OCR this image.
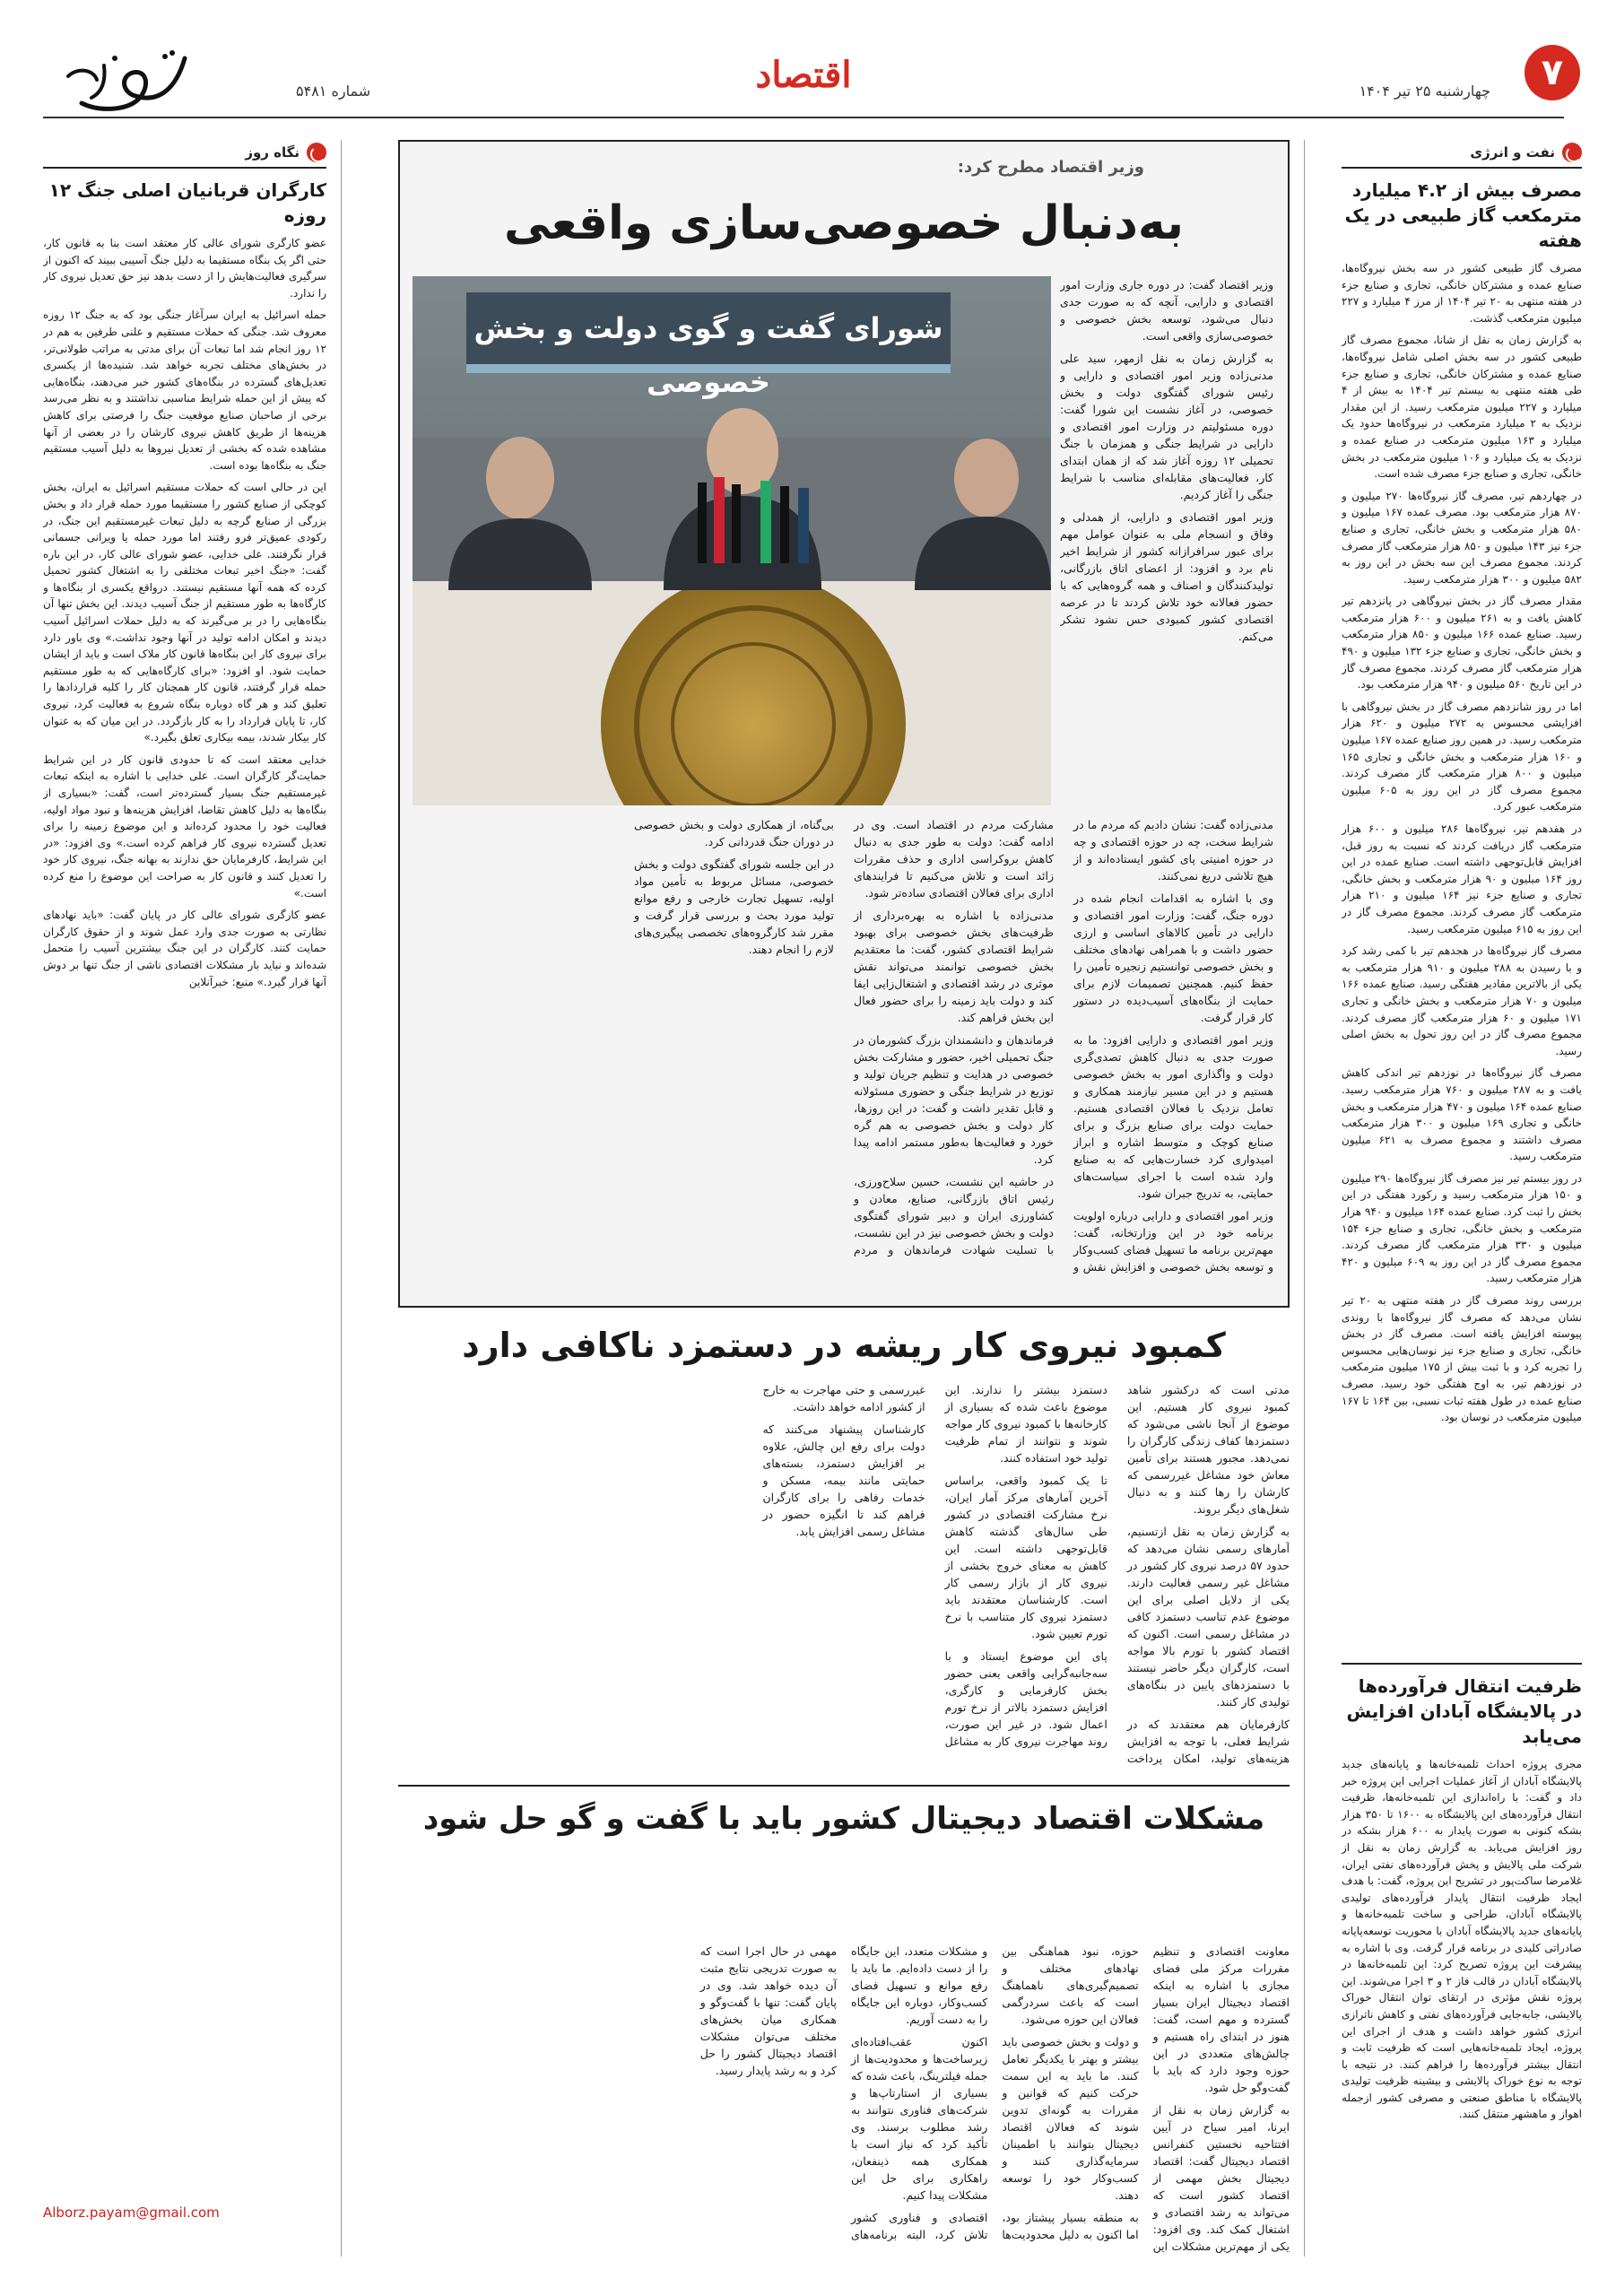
۷
چهارشنبه ۲۵ تیر ۱۴۰۴
اقتصاد
شماره ۵۴۸۱
نفت و انرژی
مصرف بیش از ۴.۲ میلیارد مترمکعب گاز طبیعی در یک هفته

مصرف گاز طبیعی کشور در سه بخش نیروگاه‌ها، صنایع عمده و مشترکان خانگی، تجاری و صنایع جزء در هفته منتهی به ۲۰ تیر ۱۴۰۴ از مرز ۴ میلیارد و ۲۲۷ میلیون مترمکعب گذشت.

به گزارش زمان به نقل از شانا، مجموع مصرف گاز طبیعی کشور در سه بخش اصلی شامل نیروگاه‌ها، صنایع عمده و مشترکان خانگی، تجاری و صنایع جزء طی هفته منتهی به بیستم تیر ۱۴۰۴ به بیش از ۴ میلیارد و ۲۲۷ میلیون مترمکعب رسید. از این مقدار نزدیک به ۲ میلیارد مترمکعب در نیروگاه‌ها حدود یک میلیارد و ۱۶۳ میلیون مترمکعب در صنایع عمده و نزدیک به یک میلیارد و ۱۰۶ میلیون مترمکعب در بخش خانگی، تجاری و صنایع جزء مصرف شده است.

در چهاردهم تیر، مصرف گاز نیروگاه‌ها ۲۷۰ میلیون و ۸۷۰ هزار مترمکعب بود. مصرف عمده ۱۶۷ میلیون و ۵۸۰ هزار مترمکعب و بخش خانگی، تجاری و صنایع جزء نیز ۱۴۳ میلیون و ۸۵۰ هزار مترمکعب گاز مصرف کردند. مجموع مصرف این سه بخش در این روز به ۵۸۲ میلیون و ۳۰۰ هزار مترمکعب رسید.

مقدار مصرف گاز در بخش نیروگاهی در پانزدهم تیر کاهش یافت و به ۲۶۱ میلیون و ۶۰۰ هزار مترمکعب رسید. صنایع عمده ۱۶۶ میلیون و ۸۵۰ هزار مترمکعب و بخش خانگی، تجاری و صنایع جزء ۱۳۲ میلیون و ۴۹۰ هزار مترمکعب گاز مصرف کردند. مجموع مصرف گاز در این تاریخ ۵۶۰ میلیون و ۹۴۰ هزار مترمکعب بود.

اما در روز شانزدهم مصرف گاز در بخش نیروگاهی با افزایشی محسوس به ۲۷۲ میلیون و ۶۲۰ هزار مترمکعب رسید. در همین روز صنایع عمده ۱۶۷ میلیون و ۱۶۰ هزار مترمکعب و بخش خانگی و تجاری ۱۶۵ میلیون و ۸۰۰ هزار مترمکعب گاز مصرف کردند. مجموع مصرف گاز در این روز به ۶۰۵ میلیون مترمکعب عبور کرد.

در هفدهم تیر، نیروگاه‌ها ۲۸۶ میلیون و ۶۰۰ هزار مترمکعب گاز دریافت کردند که نسبت به روز قبل، افزایش قابل‌توجهی داشته است. صنایع عمده در این روز ۱۶۴ میلیون و ۹۰ هزار مترمکعب و بخش خانگی، تجاری و صنایع جزء نیز ۱۶۴ میلیون و ۲۱۰ هزار مترمکعب گاز مصرف کردند. مجموع مصرف گاز در این روز به ۶۱۵ میلیون مترمکعب رسید.

مصرف گاز نیروگاه‌ها در هجدهم تیر با کمی رشد کرد و با رسیدن به ۲۸۸ میلیون و ۹۱۰ هزار مترمکعب به یکی از بالاترین مقادیر هفتگی رسید. صنایع عمده ۱۶۶ میلیون و ۷۰ هزار مترمکعب و بخش خانگی و تجاری ۱۷۱ میلیون و ۶۰ هزار مترمکعب گاز مصرف کردند. مجموع مصرف گاز در این روز تحول به بخش اصلی رسید.

مصرف گاز نیروگاه‌ها در نوزدهم تیر اندکی کاهش یافت و به ۲۸۷ میلیون و ۷۶۰ هزار مترمکعب رسید. صنایع عمده ۱۶۴ میلیون و ۴۷۰ هزار مترمکعب و بخش خانگی و تجاری ۱۶۹ میلیون و ۳۰۰ هزار مترمکعب مصرف داشتند و مجموع مصرف به ۶۲۱ میلیون مترمکعب رسید.

در روز بیستم تیر نیز مصرف گاز نیروگاه‌ها ۲۹۰ میلیون و ۱۵۰ هزار مترمکعب رسید و رکورد هفتگی در این بخش را ثبت کرد. صنایع عمده ۱۶۴ میلیون و ۹۴۰ هزار مترمکعب و بخش خانگی، تجاری و صنایع جزء ۱۵۴ میلیون و ۳۳۰ هزار مترمکعب گاز مصرف کردند. مجموع مصرف گاز در این روز به ۶۰۹ میلیون و ۴۲۰ هزار مترمکعب رسید.

بررسی روند مصرف گاز در هفته منتهی به ۲۰ تیر نشان می‌دهد که مصرف گاز نیروگاه‌ها با روندی پیوسته افزایش یافته است. مصرف گاز در بخش خانگی، تجاری و صنایع جزء نیز نوسان‌هایی محسوس را تجربه کرد و با ثبت بیش از ۱۷۵ میلیون مترمکعب در نوزدهم تیر، به اوج هفتگی خود رسید. مصرف صنایع عمده در طول هفته ثبات نسبی، بین ۱۶۴ تا ۱۶۷ میلیون مترمکعب در نوسان بود.

ظرفیت انتقال فرآورده‌ها در پالایشگاه آبادان افزایش می‌یابد

مجری پروژه احداث تلمبه‌خانه‌ها و پایانه‌های جدید پالایشگاه آبادان از آغاز عملیات اجرایی این پروژه خبر داد و گفت: با راه‌اندازی این تلمبه‌خانه‌ها، ظرفیت انتقال فرآورده‌های این پالایشگاه به ۱۶۰۰ تا ۳۵۰ هزار بشکه کنونی به صورت پایدار به ۶۰۰ هزار بشکه در روز افزایش می‌یابد. به گزارش زمان به نقل از شرکت ملی پالایش و پخش فرآورده‌های نفتی ایران، غلامرضا ساکت‌پور در تشریح این پروژه، گفت: با هدف ایجاد ظرفیت انتقال پایدار فرآورده‌های تولیدی پالایشگاه آبادان، طراحی و ساخت تلمبه‌خانه‌ها و پایانه‌های جدید پالایشگاه آبادان با محوریت توسعه‌پایانه صادراتی کلیدی در برنامه قرار گرفت. وی با اشاره به پیشرفت این پروژه تصریح کرد: این تلمبه‌خانه‌ها در پالایشگاه آبادان در قالب فاز ۲ و ۳ اجرا می‌شوند. این پروژه نقش مؤثری در ارتقای توان انتقال خوراک پالایشی، جابه‌جایی فرآورده‌های نفتی و کاهش ناترازی انرژی کشور خواهد داشت و هدف از اجرای این پروژه، ایجاد تلمبه‌خانه‌هایی است که ظرفیت ثابت و انتقال بیشتر فرآورده‌ها را فراهم کنند. در نتیجه با توجه به نوع خوراک پالایشی و بیشینه ظرفیت تولیدی پالایشگاه با مناطق صنعتی و مصرفی کشور ازجمله اهواز و ماهشهر منتقل کنند.

نگاه روز
کارگران قربانیان اصلی جنگ ۱۲ روزه

عضو کارگری شورای عالی کار معتقد است بنا به قانون کار، حتی اگر یک بنگاه مستقیما به دلیل جنگ آسیبی ببیند که اکنون از سرگیری فعالیت‌هایش را از دست بدهد نیز حق تعدیل نیروی کار را ندارد.

حمله اسرائیل به ایران سرآغاز جنگی بود که به جنگ ۱۲ روزه معروف شد. جنگی که حملات مستقیم و علنی طرفین به هم در ۱۲ روز انجام شد اما تبعات آن برای مدتی به مراتب طولانی‌تر، در بخش‌های مختلف تجربه خواهد شد. شنیده‌ها از یکسری تعدیل‌های گسترده در بنگاه‌های کشور خبر می‌دهند، بنگاه‌هایی که پیش از این حمله شرایط مناسبی نداشتند و به نظر می‌رسد برخی از صاحبان صنایع موقعیت جنگ را فرصتی برای کاهش هزینه‌ها از طریق کاهش نیروی کارشان را در بعضی از آنها مشاهده شده که بخشی از تعدیل نیروها به دلیل آسیب مستقیم جنگ به بنگاه‌ها بوده است.

این در حالی است که حملات مستقیم اسرائیل به ایران، بخش کوچکی از صنایع کشور را مستقیما مورد حمله قرار داد و بخش بزرگی از صنایع گرچه به دلیل تبعات غیرمستقیم این جنگ، در رکودی عمیق‌تر فرو رفتند اما مورد حمله یا ویرانی جسمانی قرار نگرفتند. علی خدایی، عضو شورای عالی کار، در این باره گفت: «جنگ اخیر تبعات مختلفی را به اشتغال کشور تحمیل کرده که همه آنها مستقیم نیستند. درواقع یکسری از بنگاه‌ها و کارگاه‌ها به طور مستقیم از جنگ آسیب دیدند. این بخش تنها آن بنگاه‌هایی را در بر می‌گیرند که به دلیل حملات اسرائیل آسیب دیدند و امکان ادامه تولید در آنها وجود نداشت.» وی باور دارد برای نیروی کار این بنگاه‌ها قانون کار ملاک است و باید از ایشان حمایت شود. او افزود: «برای کارگاه‌هایی که به طور مستقیم حمله قرار گرفتند، قانون کار همچنان کار را کلیه قراردادها را تعلیق کند و هر گاه دوباره بنگاه شروع به فعالیت کرد، نیروی کار، تا پایان قرارداد را به کار بازگردد. در این میان که به عنوان کار بیکار شدند، بیمه بیکاری تعلق بگیرد.»

خدایی معتقد است که تا حدودی قانون کار در این شرایط حمایت‌گر کارگران است. علی خدایی با اشاره به اینکه تبعات غیرمستقیم جنگ بسیار گسترده‌تر است، گفت: «بسیاری از بنگاه‌ها به دلیل کاهش تقاضا، افزایش هزینه‌ها و نبود مواد اولیه، فعالیت خود را محدود کرده‌اند و این موضوع زمینه را برای تعدیل گسترده نیروی کار فراهم کرده است.» وی افزود: «در این شرایط، کارفرمایان حق ندارند به بهانه جنگ، نیروی کار خود را تعدیل کنند و قانون کار به صراحت این موضوع را منع کرده است.»

عضو کارگری شورای عالی کار در پایان گفت: «باید نهادهای نظارتی به صورت جدی وارد عمل شوند و از حقوق کارگران حمایت کنند. کارگران در این جنگ بیشترین آسیب را متحمل شده‌اند و نباید بار مشکلات اقتصادی ناشی از جنگ تنها بر دوش آنها قرار گیرد.» منبع: خبرآنلاین

Alborz.payam@gmail.com
وزیر اقتصاد مطرح کرد:
به‌دنبال خصوصی‌سازی واقعی
شورای گفت و گوی دولت و بخش خصوصی

وزیر اقتصاد گفت: در دوره جاری وزارت امور اقتصادی و دارایی، آنچه که به صورت جدی دنبال می‌شود، توسعه بخش خصوصی و خصوصی‌سازی واقعی است.

به گزارش زمان به نقل ازمهر، سید علی مدنی‌زاده وزیر امور اقتصادی و دارایی و رئیس شورای گفتگوی دولت و بخش خصوصی، در آغاز نشست این شورا گفت: دوره مسئولیتم در وزارت امور اقتصادی و دارایی در شرایط جنگی و همزمان با جنگ تحمیلی ۱۲ روزه آغاز شد که از همان ابتدای کار، فعالیت‌های مقابله‌ای مناسب با شرایط جنگی را آغاز کردیم.

وزیر امور اقتصادی و دارایی، از همدلی و وفاق و انسجام ملی به عنوان عوامل مهم برای عبور سرافرازانه کشور از شرایط اخیر نام برد و افزود: از اعضای اتاق بازرگانی، تولیدکنندگان و اصناف و همه گروه‌هایی که با حضور فعالانه خود تلاش کردند تا در عرصه اقتصادی کشور کمبودی حس نشود تشکر می‌کنم.

مدنی‌زاده گفت: نشان دادیم که مردم ما در شرایط سخت، چه در حوزه اقتصادی و چه در حوزه امنیتی پای کشور ایستاده‌اند و از هیچ تلاشی دریغ نمی‌کنند.

وی با اشاره به اقدامات انجام شده در دوره جنگ، گفت: وزارت امور اقتصادی و دارایی در تأمین کالاهای اساسی و ارزی حضور داشت و با همراهی نهادهای مختلف و بخش خصوصی توانستیم زنجیره تأمین را حفظ کنیم. همچنین تصمیمات لازم برای حمایت از بنگاه‌های آسیب‌دیده در دستور کار قرار گرفت.

وزیر امور اقتصادی و دارایی افزود: ما به صورت جدی به دنبال کاهش تصدی‌گری دولت و واگذاری امور به بخش خصوصی هستیم و در این مسیر نیازمند همکاری و تعامل نزدیک با فعالان اقتصادی هستیم. حمایت دولت برای صنایع بزرگ و برای صنایع کوچک و متوسط اشاره و ابراز امیدواری کرد خسارت‌هایی که به صنایع وارد شده است با اجرای سیاست‌های حمایتی، به تدریج جبران شود.

وزیر امور اقتصادی و دارایی درباره اولویت برنامه خود در این وزارتخانه، گفت: مهم‌ترین برنامه ما تسهیل فضای کسب‌وکار و توسعه بخش خصوصی و افزایش نقش و مشارکت مردم در اقتصاد است. وی در ادامه گفت: دولت به طور جدی به دنبال کاهش بروکراسی اداری و حذف مقررات زائد است و تلاش می‌کنیم تا فرایندهای اداری برای فعالان اقتصادی ساده‌تر شود.

مدنی‌زاده با اشاره به بهره‌برداری از ظرفیت‌های بخش خصوصی برای بهبود شرایط اقتصادی کشور، گفت: ما معتقدیم بخش خصوصی توانمند می‌تواند نقش موثری در رشد اقتصادی و اشتغال‌زایی ایفا کند و دولت باید زمینه را برای حضور فعال این بخش فراهم کند.

فرماندهان و دانشمندان بزرگ کشورمان در جنگ تحمیلی اخیر، حضور و مشارکت بخش خصوصی در هدایت و تنظیم جریان تولید و توزیع در شرایط جنگی و حضوری مسئولانه و قابل تقدیر داشت و گفت: در این روزها، کار دولت و بخش خصوصی به هم گره خورد و فعالیت‌ها به‌طور مستمر ادامه پیدا کرد.

در حاشیه این نشست، حسین سلاح‌ورزی، رئیس اتاق بازرگانی، صنایع، معادن و کشاورزی ایران و دبیر شورای گفتگوی دولت و بخش خصوصی نیز در این نشست، با تسلیت شهادت فرماندهان و مردم بی‌گناه، از همکاری دولت و بخش خصوصی در دوران جنگ قدردانی کرد.

در این جلسه شورای گفتگوی دولت و بخش خصوصی، مسائل مربوط به تأمین مواد اولیه، تسهیل تجارت خارجی و رفع موانع تولید مورد بحث و بررسی قرار گرفت و مقرر شد کارگروه‌های تخصصی پیگیری‌های لازم را انجام دهند.

کمبود نیروی کار ریشه در دستمزد ناکافی دارد

مدتی است که درکشور شاهد کمبود نیروی کار هستیم. این موضوع از آنجا ناشی می‌شود که دستمزدها کفاف زندگی کارگران را نمی‌دهد. مجبور هستند برای تأمین معاش خود مشاغل غیررسمی که کارشان را رها کنند و به دنبال شغل‌های دیگر بروند.

به گزارش زمان به نقل ازتسنیم، آمارهای رسمی نشان می‌دهد که حدود ۵۷ درصد نیروی کار کشور در مشاغل غیر رسمی فعالیت دارند. یکی از دلایل اصلی برای این موضوع عدم تناسب دستمزد کافی در مشاغل رسمی است. اکنون که اقتصاد کشور با تورم بالا مواجه است، کارگران دیگر حاضر نیستند با دستمزدهای پایین در بنگاه‌های تولیدی کار کنند.

کارفرمایان هم معتقدند که در شرایط فعلی، با توجه به افزایش هزینه‌های تولید، امکان پرداخت دستمزد بیشتر را ندارند. این موضوع باعث شده که بسیاری از کارخانه‌ها با کمبود نیروی کار مواجه شوند و نتوانند از تمام ظرفیت تولید خود استفاده کنند.

تا یک کمبود واقعی، براساس آخرین آمارهای مرکز آمار ایران، نرخ مشارکت اقتصادی در کشور طی سال‌های گذشته کاهش قابل‌توجهی داشته است. این کاهش به معنای خروج بخشی از نیروی کار از بازار رسمی کار است. کارشناسان معتقدند باید دستمزد نیروی کار متناسب با نرخ تورم تعیین شود.

پای این موضوع ایستاد و با سه‌جانبه‌گرایی واقعی یعنی حضور بخش کارفرمایی و کارگری، افزایش دستمزد بالاتر از نرخ تورم اعمال شود. در غیر این صورت، روند مهاجرت نیروی کار به مشاغل غیررسمی و حتی مهاجرت به خارج از کشور ادامه خواهد داشت.

کارشناسان پیشنهاد می‌کنند که دولت برای رفع این چالش، علاوه بر افزایش دستمزد، بسته‌های حمایتی مانند بیمه، مسکن و خدمات رفاهی را برای کارگران فراهم کند تا انگیزه حضور در مشاغل رسمی افزایش یابد.

مشکلات اقتصاد دیجیتال کشور باید با گفت و گو حل شود

معاونت اقتصادی و تنظیم مقررات مرکز ملی فضای مجازی با اشاره به اینکه اقتصاد دیجیتال ایران بسیار گسترده و مهم است، گفت: هنوز در ابتدای راه هستیم و چالش‌های متعددی در این حوزه وجود دارد که باید با گفت‌وگو حل شود.

به گزارش زمان به نقل از ایرنا، امیر سیاح در آیین افتتاحیه نخستین کنفرانس اقتصاد دیجیتال گفت: اقتصاد دیجیتال بخش مهمی از اقتصاد کشور است که می‌تواند به رشد اقتصادی و اشتغال کمک کند. وی افزود: یکی از مهم‌ترین مشکلات این حوزه، نبود هماهنگی بین نهادهای مختلف و تصمیم‌گیری‌های ناهماهنگ است که باعث سردرگمی فعالان این حوزه می‌شود.

و دولت و بخش خصوصی باید بیشتر و بهتر با یکدیگر تعامل کنند. ما باید به این سمت حرکت کنیم که قوانین و مقررات به گونه‌ای تدوین شوند که فعالان اقتصاد دیجیتال بتوانند با اطمینان سرمایه‌گذاری کنند و کسب‌وکار خود را توسعه دهند.

به منطقه بسیار پیشتاز بود، اما اکنون به دلیل محدودیت‌ها و مشکلات متعدد، این جایگاه را از دست داده‌ایم. ما باید با رفع موانع و تسهیل فضای کسب‌وکار، دوباره این جایگاه را به دست آوریم.

اکنون عقب‌افتاده‌ای زیرساخت‌ها و محدودیت‌ها از جمله فیلترینگ، باعث شده که بسیاری از استارتاپ‌ها و شرکت‌های فناوری نتوانند به رشد مطلوب برسند. وی تأکید کرد که نیاز است با همکاری همه ذینفعان، راهکاری برای حل این مشکلات پیدا کنیم.

اقتصادی و فناوری کشور تلاش کرد، البته برنامه‌های مهمی در حال اجرا است که به صورت تدریجی نتایج مثبت آن دیده خواهد شد. وی در پایان گفت: تنها با گفت‌وگو و همکاری میان بخش‌های مختلف می‌توان مشکلات اقتصاد دیجیتال کشور را حل کرد و به رشد پایدار رسید.
